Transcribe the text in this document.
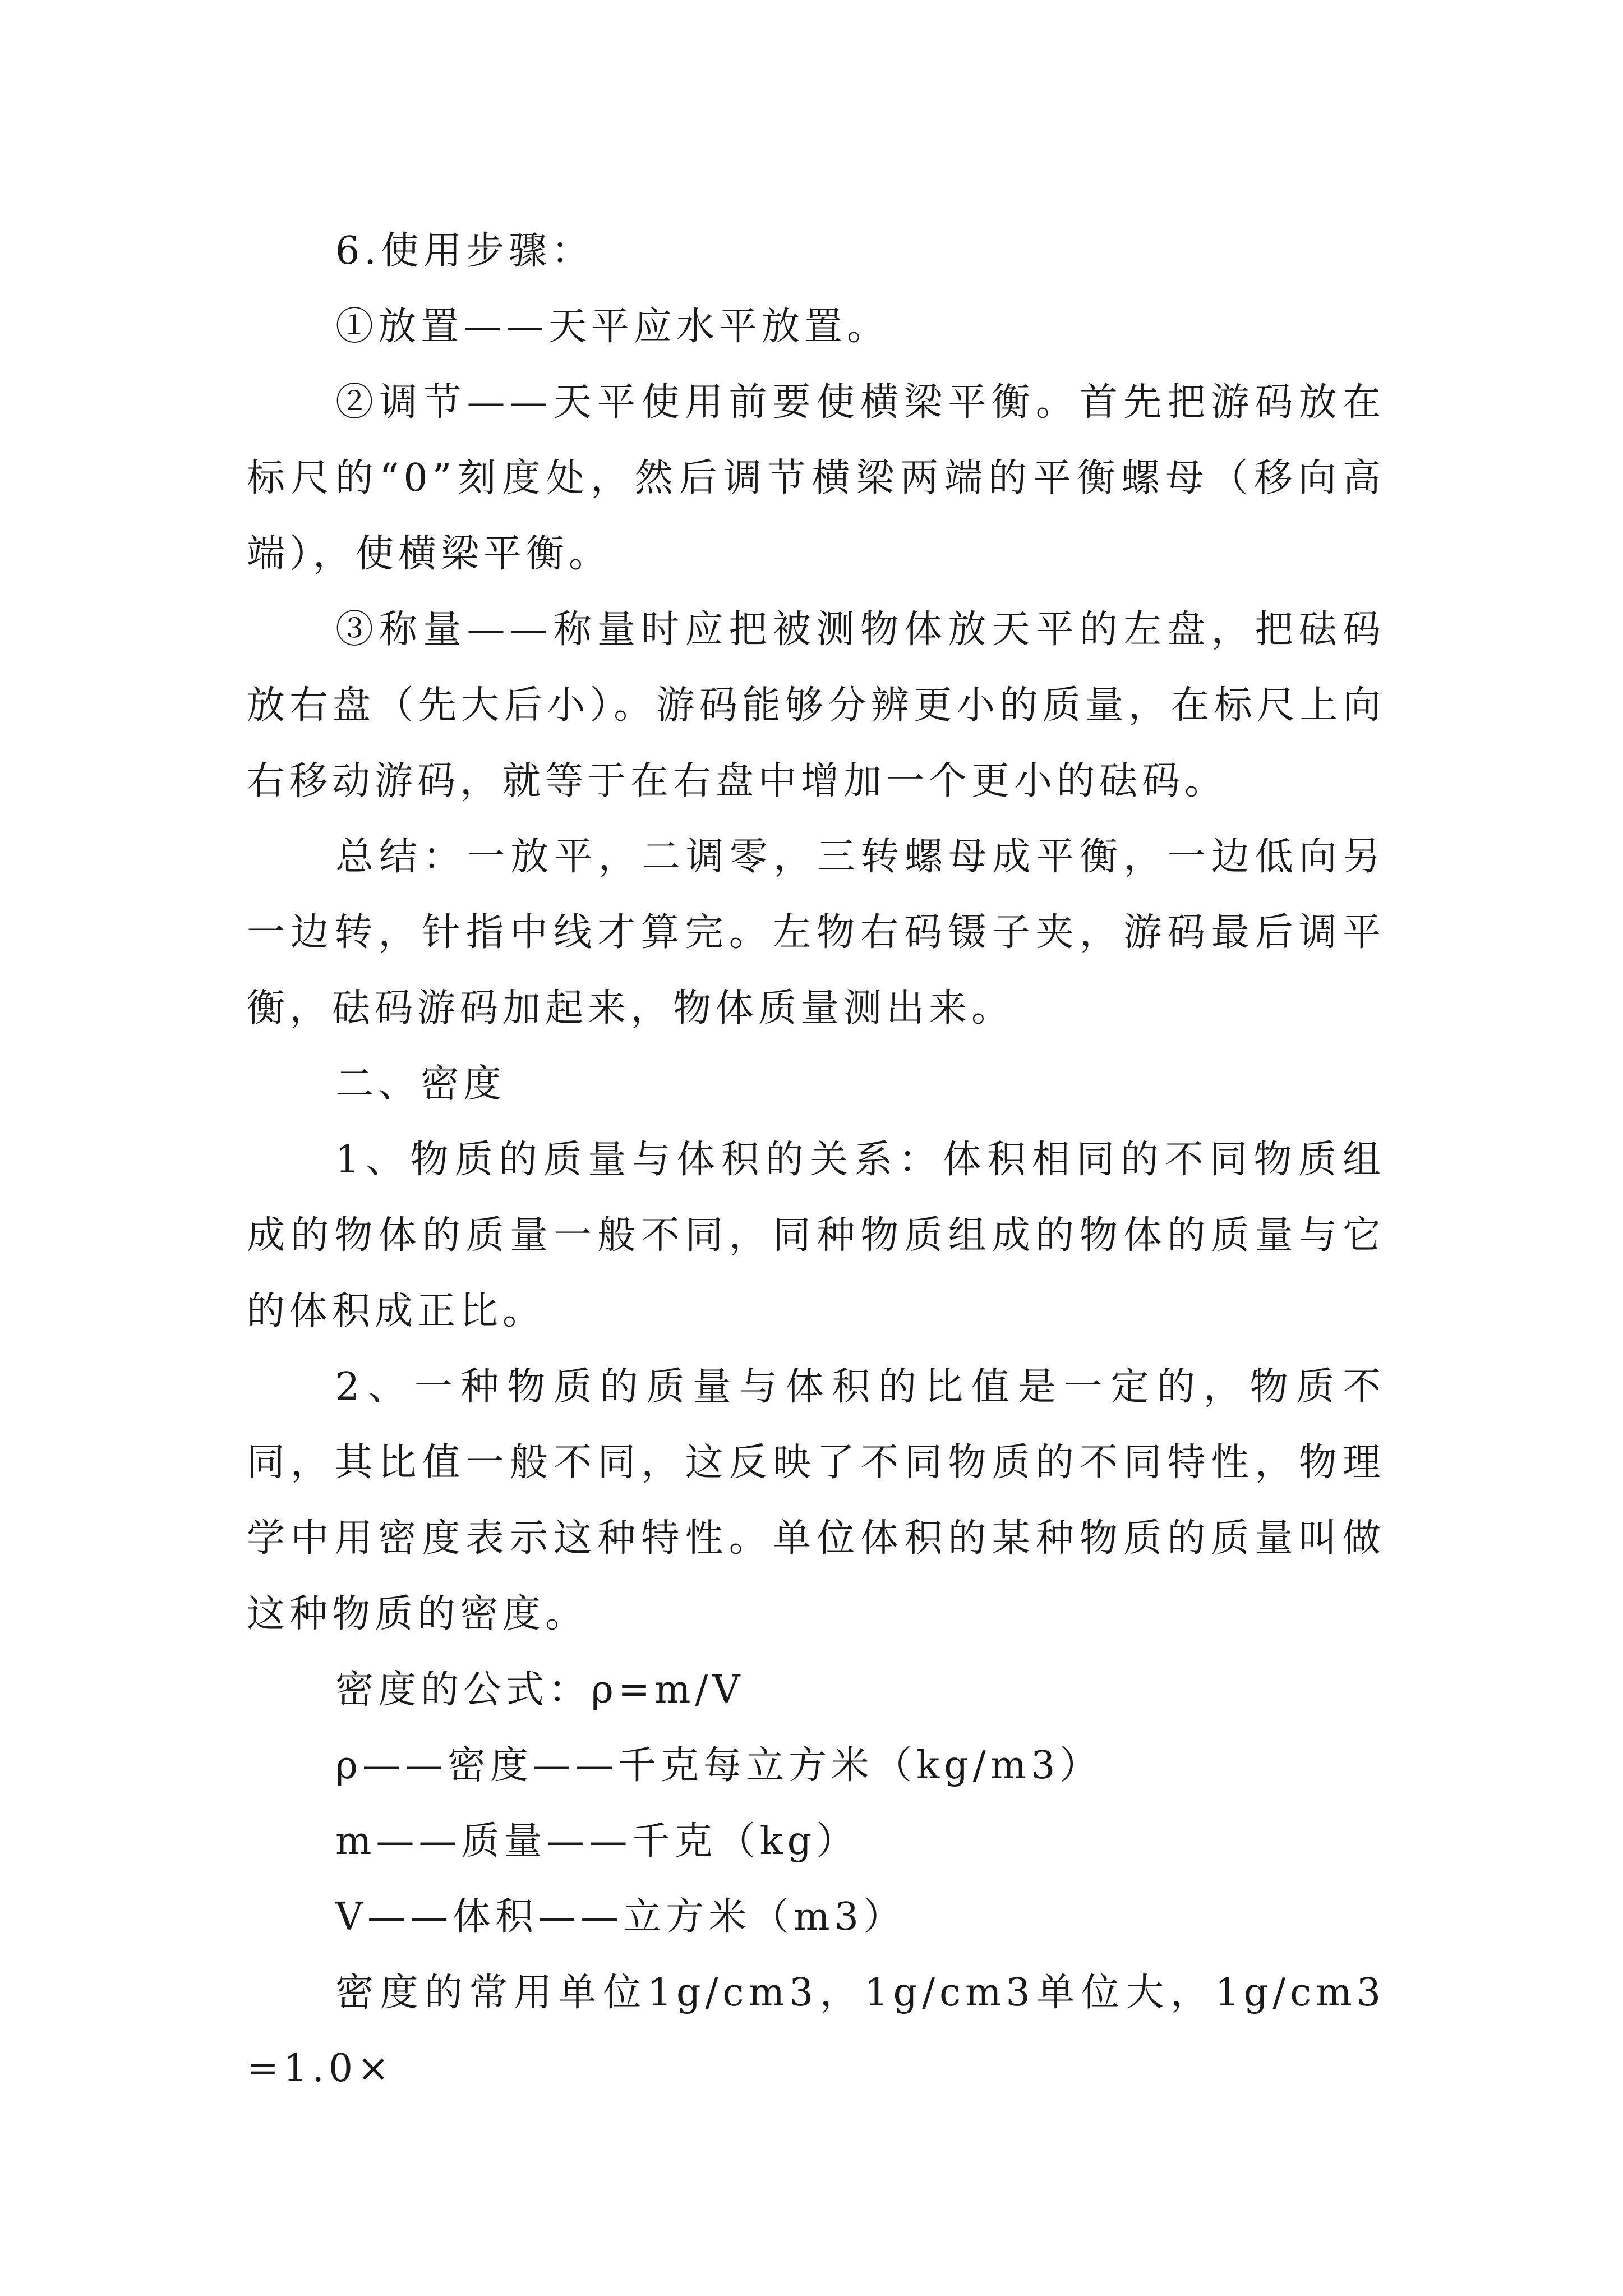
6.使用步骤：

①放置——天平应水平放置。

②调节——天平使用前要使横梁平衡。首先把游码放在标尺的“0”刻度处，然后调节横梁两端的平衡螺母（移向高端），使横梁平衡。

③称量——称量时应把被测物体放天平的左盘，把砝码放右盘（先大后小）。游码能够分辨更小的质量，在标尺上向右移动游码，就等于在右盘中增加一个更小的砝码。

总结：一放平，二调零，三转螺母成平衡，一边低向另一边转，针指中线才算完。左物右码镊子夹，游码最后调平衡，砝码游码加起来，物体质量测出来。

二、密度

1、物质的质量与体积的关系：体积相同的不同物质组成的物体的质量一般不同，同种物质组成的物体的质量与它的体积成正比。

2、一种物质的质量与体积的比值是一定的，物质不同，其比值一般不同，这反映了不同物质的不同特性，物理学中用密度表示这种特性。单位体积的某种物质的质量叫做这种物质的密度。

密度的公式：ρ=m/V

ρ——密度——千克每立方米（kg/m3）

m——质量——千克（kg）

V——体积——立方米（m3）

密度的常用单位1g/cm3，1g/cm3单位大，1g/cm3=1.0×
